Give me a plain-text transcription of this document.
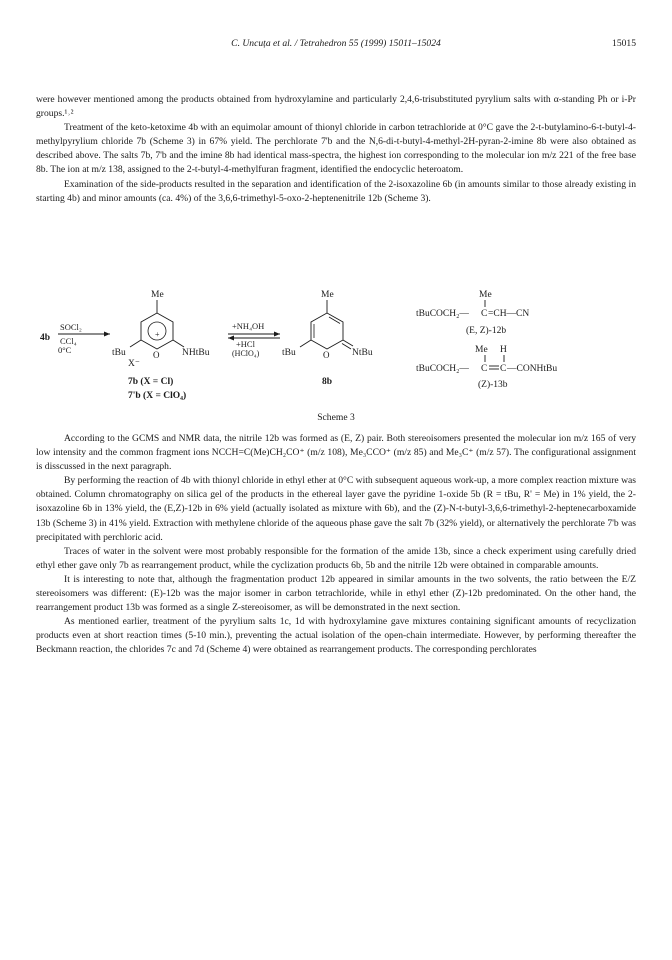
C. Uncuța et al. / Tetrahedron 55 (1999) 15011–15024	15015

were however mentioned among the products obtained from hydroxylamine and particularly 2,4,6-trisubstituted pyrylium salts with α-standing Ph or i-Pr groups.¹˒²

Treatment of the keto-ketoxime 4b with an equimolar amount of thionyl chloride in carbon tetrachloride at 0°C gave the 2-t-butylamino-6-t-butyl-4-methylpyrylium chloride 7b (Scheme 3) in 67% yield. The perchlorate 7'b and the N,6-di-t-butyl-4-methyl-2H-pyran-2-imine 8b were also obtained as described above. The salts 7b, 7'b and the imine 8b had identical mass-spectra, the highest ion corresponding to the molecular ion m/z 221 of the free base 8b. The ion at m/z 138, assigned to the 2-t-butyl-4-methylfuran fragment, identified the endocyclic heteroatom.

Examination of the side-products resulted in the separation and identification of the 2-isoxazoline 6b (in amounts similar to those already existing in starting 4b) and minor amounts (ca. 4%) of the 3,6,6-trimethyl-5-oxo-2-heptenenitrile 12b (Scheme 3).

4b
SOCl₂
CCl₄
0°C
Me
+
O
tBu
X⁻
NHtBu
7b (X = Cl)
7'b (X = ClO₄)
+NH₄OH
+HCl
(HClO₄)
Me
O
tBu	NtBu
8b
Me
tBuCOCH₂— C =CH—CN
(E, Z)-12b
Me H
tBuCOCH₂— C C —CONHtBu
(Z)-13b
Scheme 3

According to the GCMS and NMR data, the nitrile 12b was formed as (E, Z) pair. Both stereoisomers presented the molecular ion m/z 165 of very low intensity and the common fragment ions NCCH=C(Me)CH₂CO⁺ (m/z 108), Me₃CCO⁺ (m/z 85) and Me₃C⁺ (m/z 57). The configurational assignment is disscussed in the next paragraph.

By performing the reaction of 4b with thionyl chloride in ethyl ether at 0°C with subsequent aqueous work-up, a more complex reaction mixture was obtained. Column chromatography on silica gel of the products in the ethereal layer gave the pyridine 1-oxide 5b (R = tBu, R' = Me) in 1% yield, the 2-isoxazoline 6b in 13% yield, the (E,Z)-12b in 6% yield (actually isolated as mixture with 6b), and the (Z)-N-t-butyl-3,6,6-trimethyl-2-heptenecarboxamide 13b (Scheme 3) in 41% yield. Extraction with methylene chloride of the aqueous phase gave the salt 7b (32% yield), or alternatively the perchlorate 7'b was precipitated with perchloric acid.

Traces of water in the solvent were most probably responsible for the formation of the amide 13b, since a check experiment using carefully dried ethyl ether gave only 7b as rearrangement product, while the cyclization products 6b, 5b and the nitrile 12b were obtained in comparable amounts.

It is interesting to note that, although the fragmentation product 12b appeared in similar amounts in the two solvents, the ratio between the E/Z stereoisomers was different: (E)-12b was the major isomer in carbon tetrachloride, while in ethyl ether (Z)-12b predominated. On the other hand, the rearrangement product 13b was formed as a single Z-stereoisomer, as will be demonstrated in the next section.

As mentioned earlier, treatment of the pyrylium salts 1c, 1d with hydroxylamine gave mixtures containing significant amounts of recyclization products even at short reaction times (5-10 min.), preventing the actual isolation of the open-chain intermediate. However, by performing thereafter the Beckmann reaction, the chlorides 7c and 7d (Scheme 4) were obtained as rearrangement products. The corresponding perchlorates
